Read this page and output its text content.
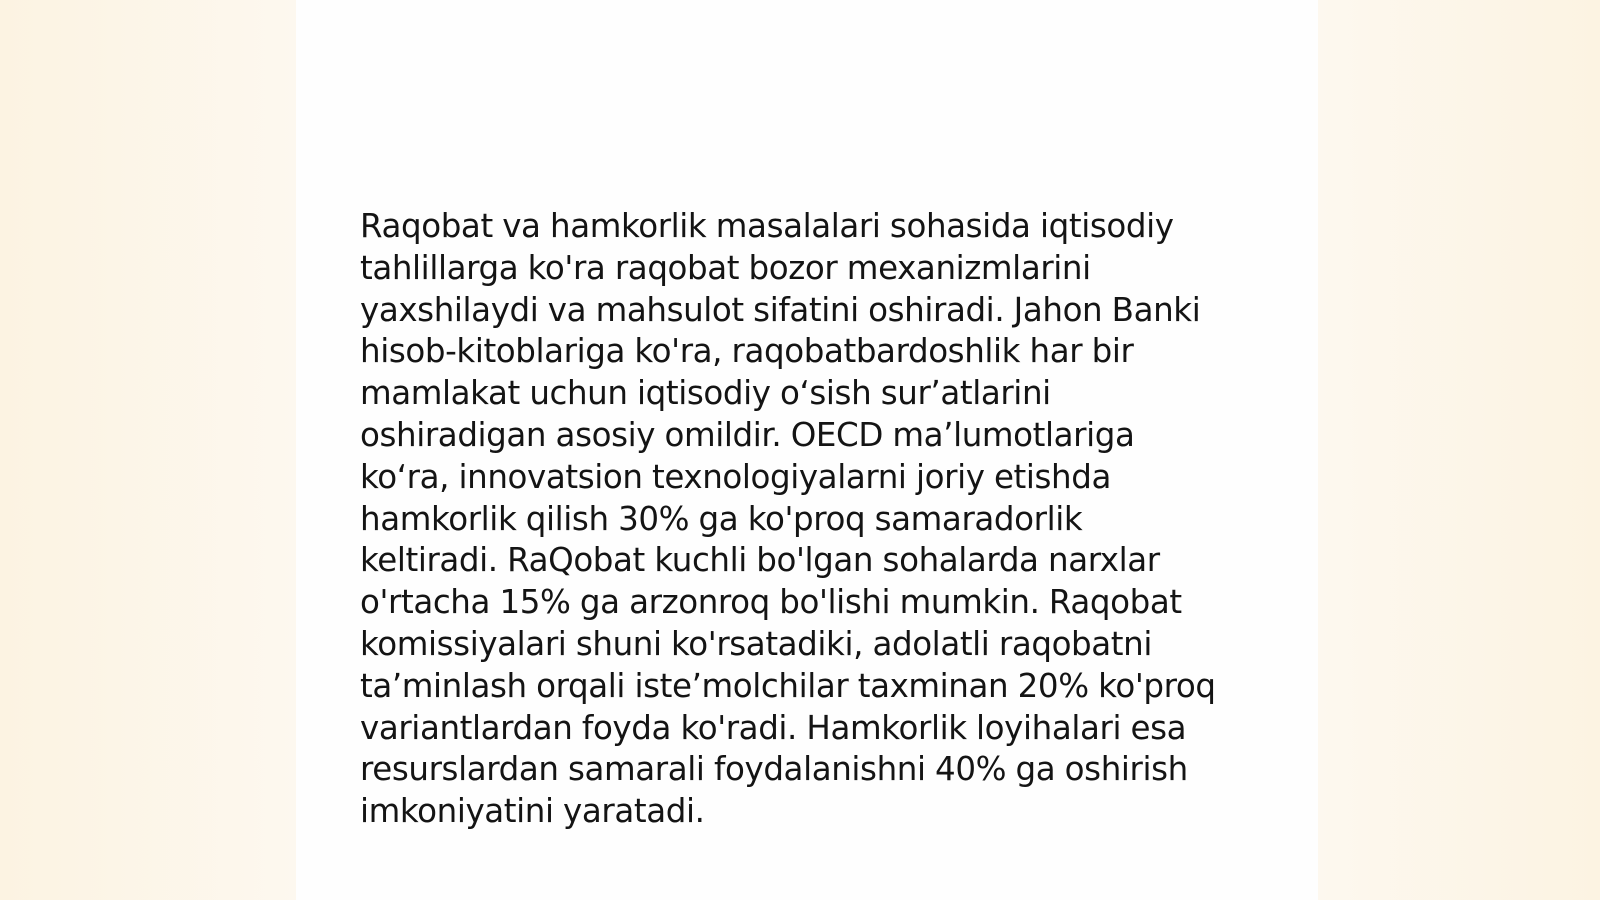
Raqobat va hamkorlik masalalari sohasida iqtisodiy
tahlillarga ko'ra raqobat bozor mexanizmlarini
yaxshilaydi va mahsulot sifatini oshiradi. Jahon Banki
hisob-kitoblariga ko'ra, raqobatbardoshlik har bir
mamlakat uchun iqtisodiy o‘sish sur’atlarini
oshiradigan asosiy omildir. OECD ma’lumotlariga
ko‘ra, innovatsion texnologiyalarni joriy etishda
hamkorlik qilish 30% ga ko'proq samaradorlik
keltiradi. RaQobat kuchli bo'lgan sohalarda narxlar
o'rtacha 15% ga arzonroq bo'lishi mumkin. Raqobat
komissiyalari shuni ko'rsatadiki, adolatli raqobatni
ta’minlash orqali iste’molchilar taxminan 20% ko'proq
variantlardan foyda ko'radi. Hamkorlik loyihalari esa
resurslardan samarali foydalanishni 40% ga oshirish
imkoniyatini yaratadi.
